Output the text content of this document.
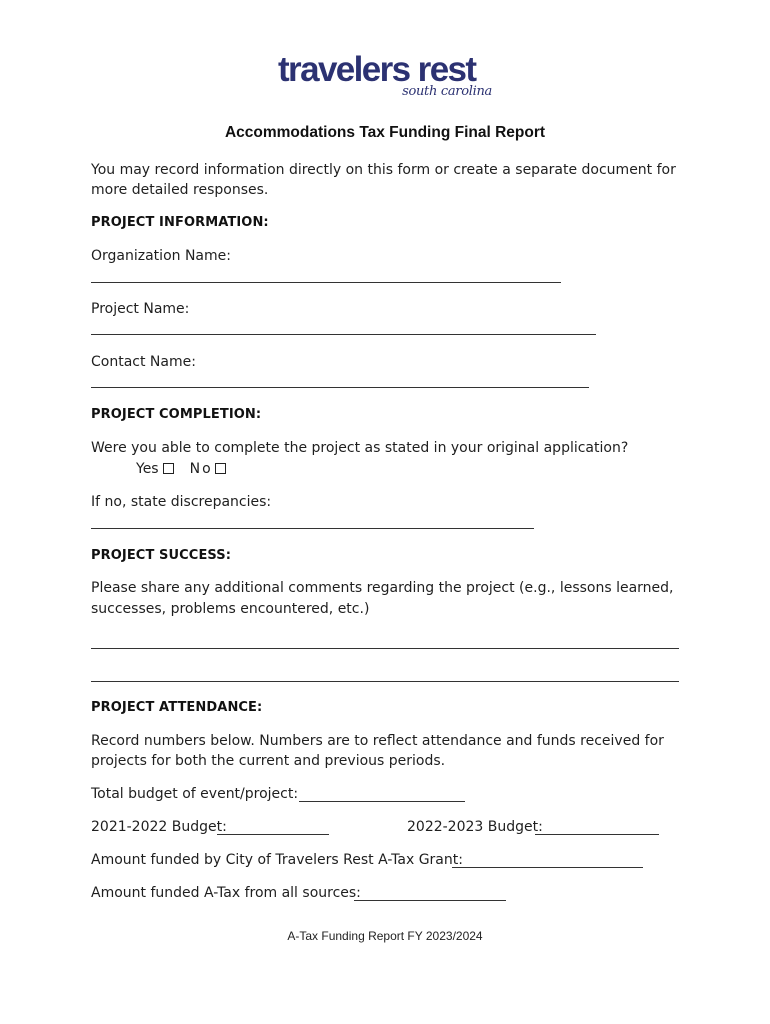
travelers rest
south carolina
Accommodations Tax Funding Final Report
You may record information directly on this form or create a separate document for
more detailed responses.
PROJECT INFORMATION:
Organization Name:
Project Name:
Contact Name:
PROJECT COMPLETION:
Were you able to complete the project as stated in your original application?
Yes No
If no, state discrepancies:
PROJECT SUCCESS:
Please share any additional comments regarding the project (e.g., lessons learned,
successes, problems encountered, etc.)
PROJECT ATTENDANCE:
Record numbers below. Numbers are to reflect attendance and funds received for
projects for both the current and previous periods.
Total budget of event/project:
2021-2022 Budget:	2022-2023 Budget:
Amount funded by City of Travelers Rest A-Tax Grant:
Amount funded A-Tax from all sources:
A-Tax Funding Report FY 2023/2024
